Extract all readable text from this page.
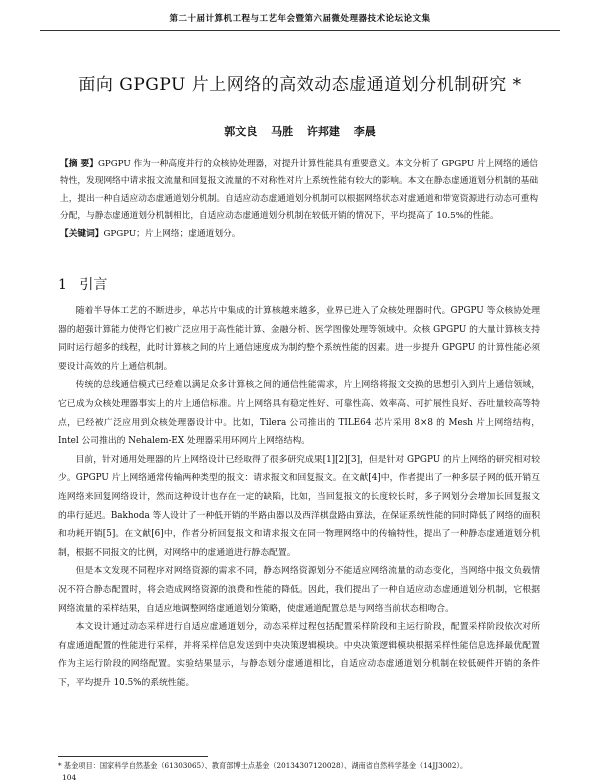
第二十届计算机工程与工艺年会暨第六届微处理器技术论坛论文集
面向 GPGPU 片上网络的高效动态虚通道划分机制研究 *
郭文良 马胜 许邦建 李晨
【摘 要】GPGPU 作为一种高度并行的众核协处理器，对提升计算性能具有重要意义。本文分析了 GPGPU 片上网络的通信特性，发现网络中请求报文流量和回复报文流量的不对称性对片上系统性能有较大的影响。本文在静态虚通道划分机制的基础上，提出一种自适应动态虚通道划分机制。自适应动态虚通道划分机制可以根据网络状态对虚通道和带宽资源进行动态可重构分配，与静态虚通道划分机制相比，自适应动态虚通道划分机制在较低开销的情况下，平均提高了 10.5%的性能。
【关键词】GPGPU；片上网络；虚通道划分。
1 引言

随着半导体工艺的不断进步，单芯片中集成的计算核越来越多，业界已进入了众核处理器时代。GPGPU 等众核协处理器的超强计算能力使得它们被广泛应用于高性能计算、金融分析、医学图像处理等领域中。众核 GPGPU 的大量计算核支持同时运行超多的线程，此时计算核之间的片上通信速度成为制约整个系统性能的因素。进一步提升 GPGPU 的计算性能必须要设计高效的片上通信机制。

传统的总线通信模式已经难以满足众多计算核之间的通信性能需求，片上网络将报文交换的思想引入到片上通信领域，它已成为众核处理器事实上的片上通信标准。片上网络具有稳定性好、可靠性高、效率高、可扩展性良好、吞吐量较高等特点，已经被广泛应用到众核处理器设计中。比如，Tilera 公司推出的 TILE64 芯片采用 8×8 的 Mesh 片上网络结构，Intel 公司推出的 Nehalem-EX 处理器采用环网片上网络结构。

目前，针对通用处理器的片上网络设计已经取得了很多研究成果[1][2][3]，但是针对 GPGPU 的片上网络的研究相对较少。GPGPU 片上网络通常传输两种类型的报文：请求报文和回复报文。在文献[4]中，作者提出了一种多层子网的低开销互连网络来回复网络设计，然而这种设计也存在一定的缺陷，比如，当回复报文的长度较长时，多子网划分会增加长回复报文的串行延迟。Bakhoda 等人设计了一种低开销的半路由器以及西洋棋盘路由算法，在保证系统性能的同时降低了网络的面积和功耗开销[5]。在文献[6]中，作者分析回复报文和请求报文在同一物理网络中的传输特性，提出了一种静态虚通道划分机制，根据不同报文的比例，对网络中的虚通道进行静态配置。

但是本文发现不同程序对网络资源的需求不同，静态网络资源划分不能适应网络流量的动态变化，当网络中报文负载情况不符合静态配置时，将会造成网络资源的浪费和性能的降低。因此，我们提出了一种自适应动态虚通道划分机制，它根据网络流量的采样结果，自适应地调整网络虚通道划分策略，使虚通道配置总是与网络当前状态相吻合。

本文设计通过动态采样进行自适应虚通道划分，动态采样过程包括配置采样阶段和主运行阶段，配置采样阶段依次对所有虚通道配置的性能进行采样，并将采样信息发送到中央决策逻辑模块。中央决策逻辑模块根据采样性能信息选择最优配置作为主运行阶段的网络配置。实验结果显示，与静态划分虚通道相比，自适应动态虚通道划分机制在较低硬件开销的条件下，平均提升 10.5%的系统性能。

* 基金项目：国家科学自然基金（61303065）、教育部博士点基金（20134307120028）、湖南省自然科学基金（14JJ3002）。
104
